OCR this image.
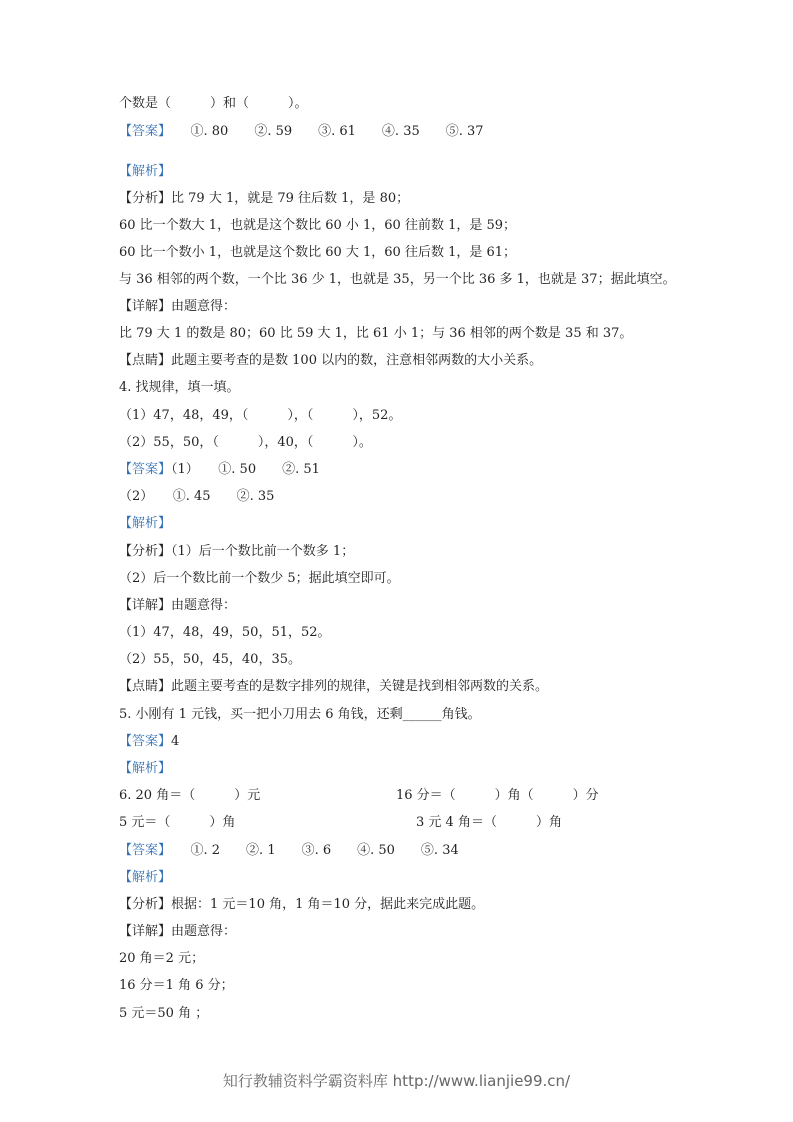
个数是（　　　）和（　　　）。
【答案】　　①. 80　　②. 59　　③. 61　　④. 35　　⑤. 37
【解析】
【分析】比 79 大 1，就是 79 往后数 1，是 80；
60 比一个数大 1，也就是这个数比 60 小 1，60 往前数 1，是 59；
60 比一个数小 1，也就是这个数比 60 大 1，60 往后数 1，是 61；
与 36 相邻的两个数，一个比 36 少 1，也就是 35，另一个比 36 多 1，也就是 37；据此填空。
【详解】由题意得：
比 79 大 1 的数是 80；60 比 59 大 1，比 61 小 1；与 36 相邻的两个数是 35 和 37。
【点睛】此题主要考查的是数 100 以内的数，注意相邻两数的大小关系。
4. 找规律，填一填。
（1）47，48，49，（　　　），（　　　），52。
（2）55，50，（　　　），40，（　　　）。
【答案】（1）　　①. 50　　②. 51
（2）　　①. 45　　②. 35
【解析】
【分析】（1）后一个数比前一个数多 1；
（2）后一个数比前一个数少 5；据此填空即可。
【详解】由题意得：
（1）47，48，49，50，51，52。
（2）55，50，45，40，35。
【点睛】此题主要考查的是数字排列的规律，关键是找到相邻两数的关系。
5. 小刚有 1 元钱，买一把小刀用去 6 角钱，还剩______角钱。
【答案】4
【解析】
6. 20 角＝（　　　）元
5 元＝（　　　）角
【答案】　　①. 2　　②. 1　　③. 6　　④. 50　　⑤. 34
【解析】
【分析】根据：1 元＝10 角，1 角＝10 分，据此来完成此题。
【详解】由题意得：
20 角＝2 元；
16 分＝1 角 6 分；
5 元＝50 角 ；
16 分＝（　　　）角（　　　）分
3 元 4 角＝（　　　）角
知行教辅资料学霸资料库 http://www.lianjie99.cn/
